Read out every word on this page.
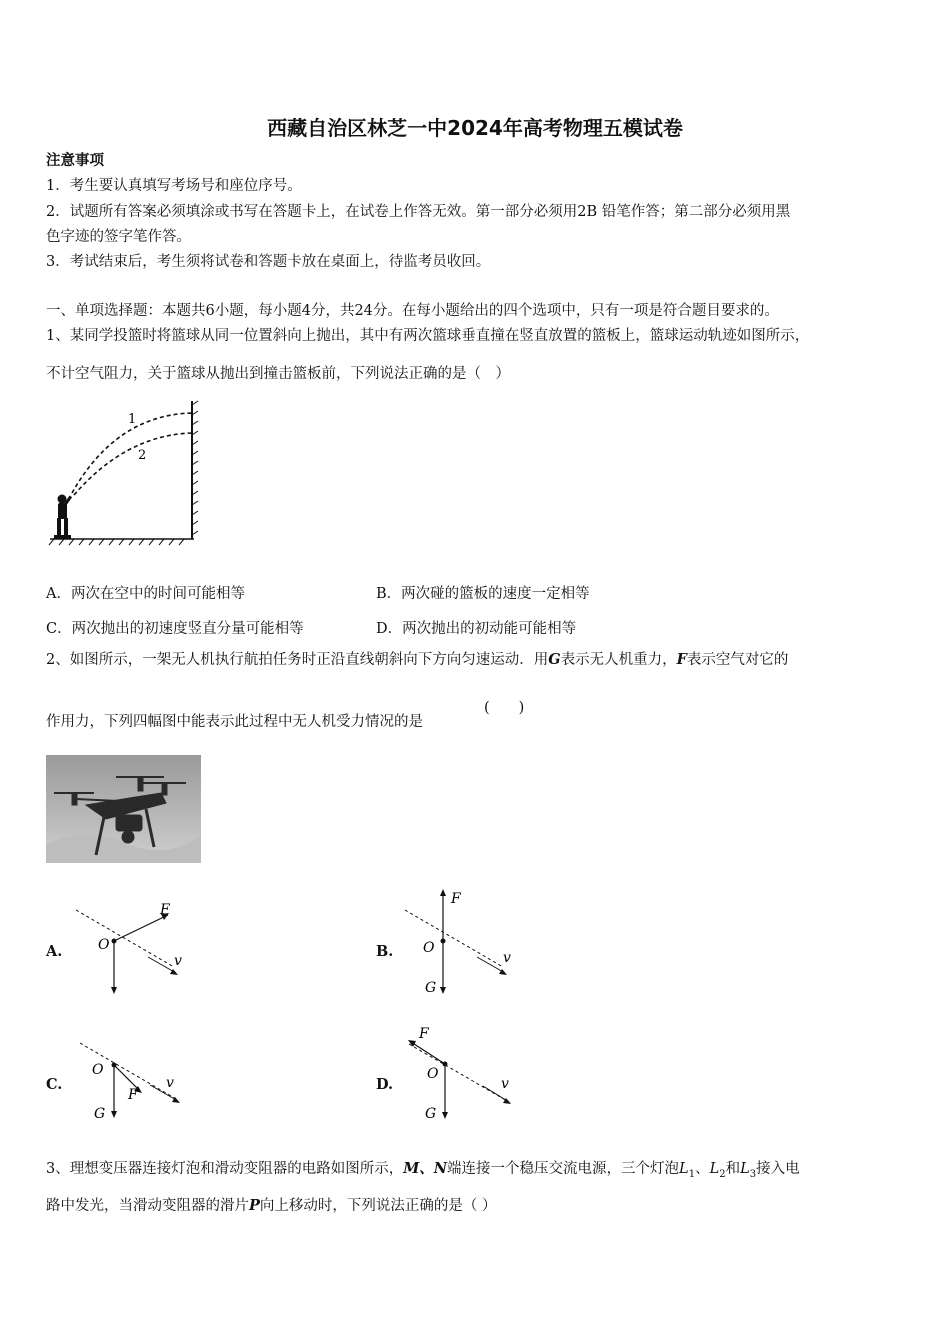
西藏自治区林芝一中2024年高考物理五模试卷
注意事项
1．考生要认真填写考场号和座位序号。
2．试题所有答案必须填涂或书写在答题卡上，在试卷上作答无效。第一部分必须用2B 铅笔作答；第二部分必须用黑
色字迹的签字笔作答。
3．考试结束后，考生须将试卷和答题卡放在桌面上，待监考员收回。
一、单项选择题：本题共6小题，每小题4分，共24分。在每小题给出的四个选项中，只有一项是符合题目要求的。
1、某同学投篮时将篮球从同一位置斜向上抛出，其中有两次篮球垂直撞在竖直放置的篮板上，篮球运动轨迹如图所示，
不计空气阻力，关于篮球从抛出到撞击篮板前，下列说法正确的是（　）
1
2
A．两次在空中的时间可能相等	B．两次碰的篮板的速度一定相等
C．两次抛出的初速度竖直分量可能相等	D．两次抛出的初动能可能相等
2、如图所示，一架无人机执行航拍任务时正沿直线朝斜向下方向匀速运动．用G表示无人机重力，F表示空气对它的
作用力，下列四幅图中能表示此过程中无人机受力情况的是
(　　)
A.	O
F
v
B.
F
O
G
v
C.
O
F
G
v	D.
F
O
G
v
3、理想变压器连接灯泡和滑动变阻器的电路如图所示，M、N端连接一个稳压交流电源，三个灯泡$L_1$、$L_2$和$L_3$接入电
路中发光，当滑动变阻器的滑片P向上移动时，下列说法正确的是（ ）
